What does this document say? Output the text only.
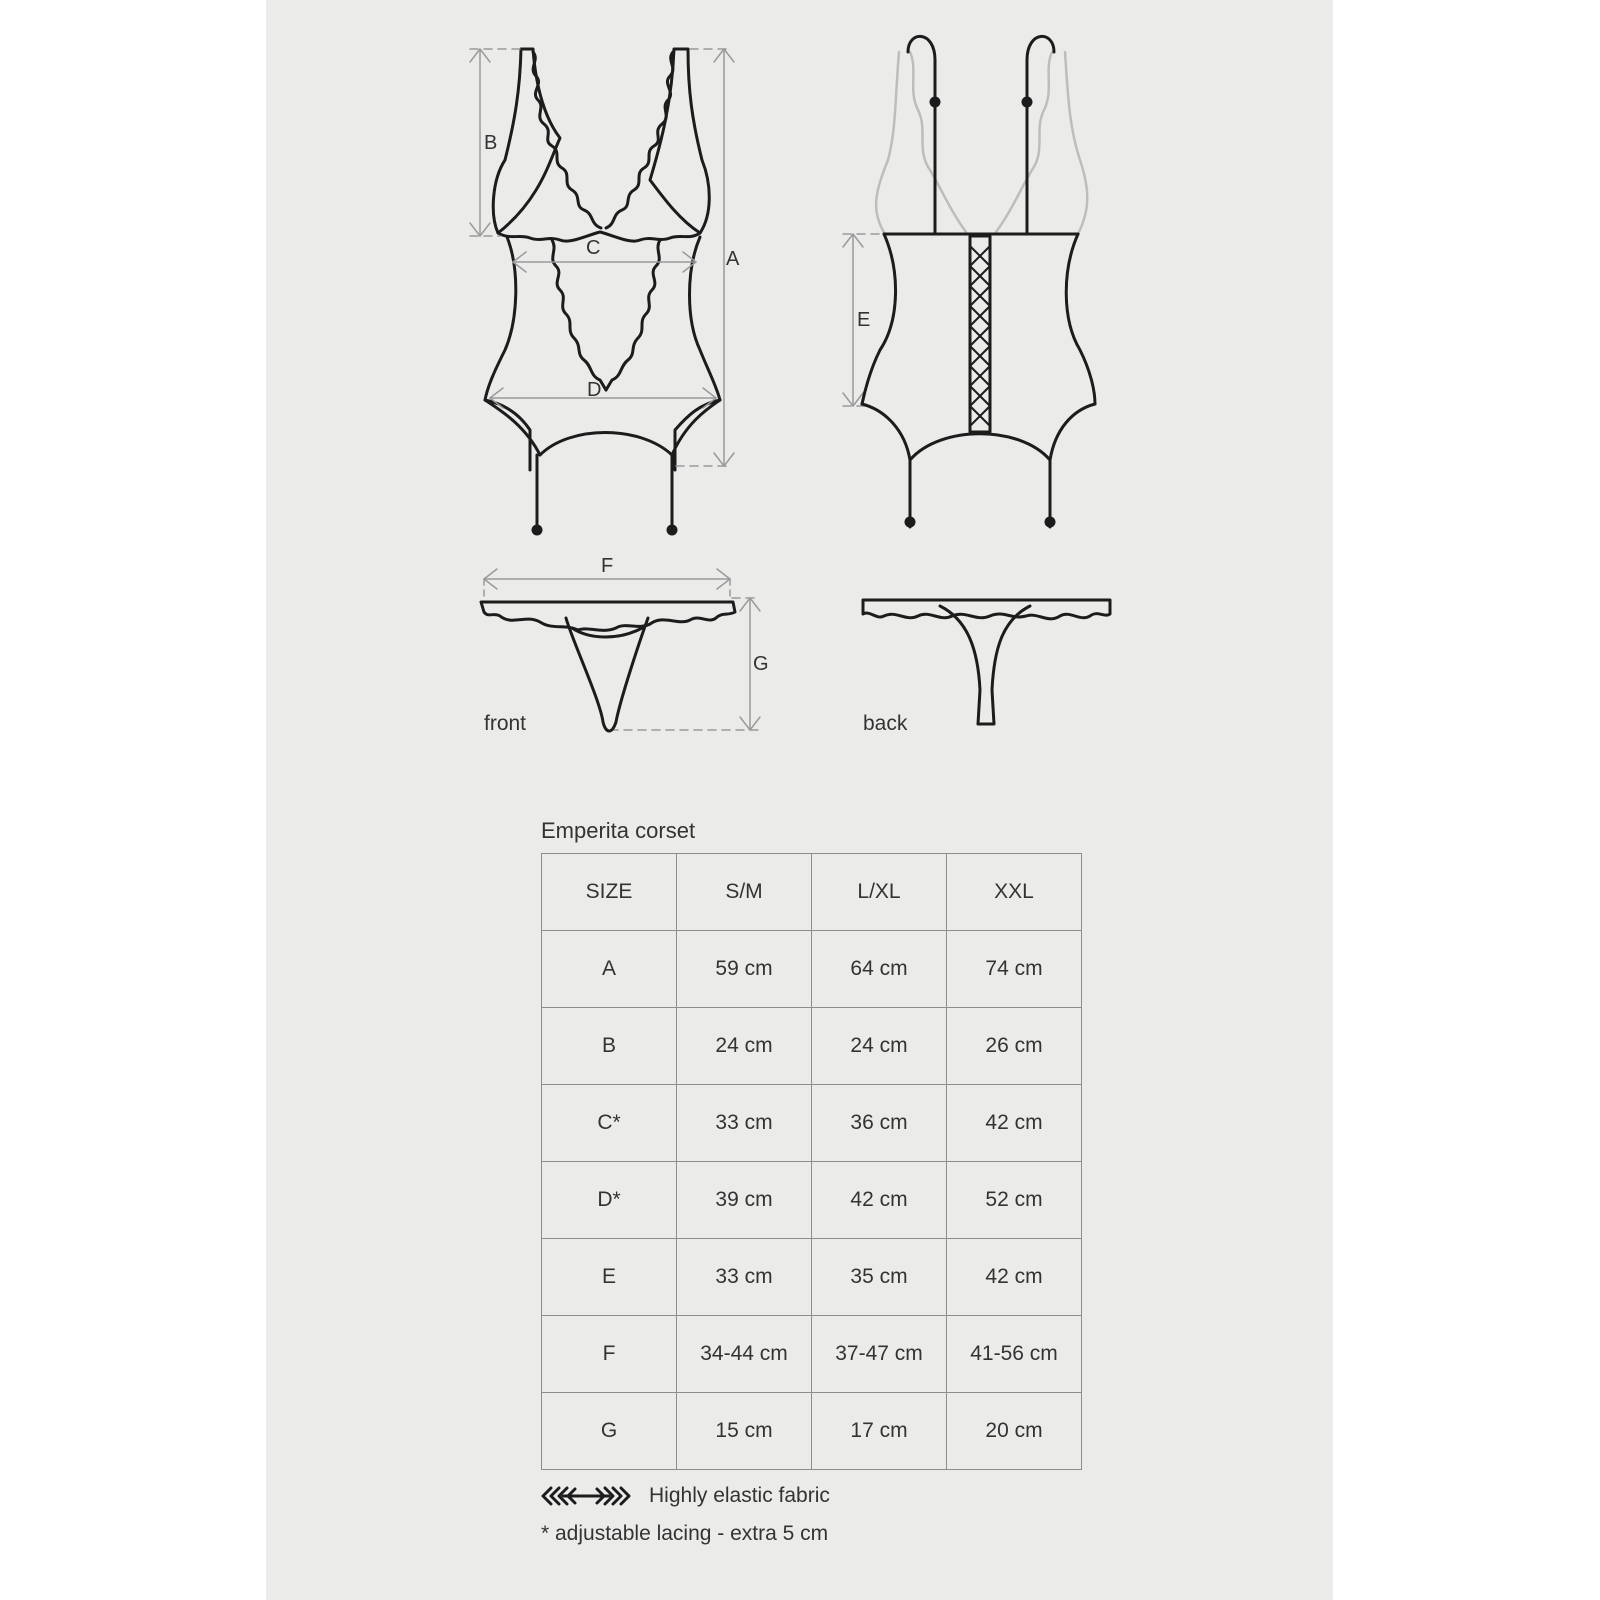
B
A
C
D
E
F
G
front	back
Emperita corset
SIZE	S/M	L/XL	XXL
A	59 cm	64 cm	74 cm
B	24 cm	24 cm	26 cm
C*	33 cm	36 cm	42 cm
D*	39 cm	42 cm	52 cm
E	33 cm	35 cm	42 cm
F	34-44 cm	37-47 cm	41-56 cm
G	15 cm	17 cm	20 cm
Highly elastic fabric
* adjustable lacing - extra 5 cm
